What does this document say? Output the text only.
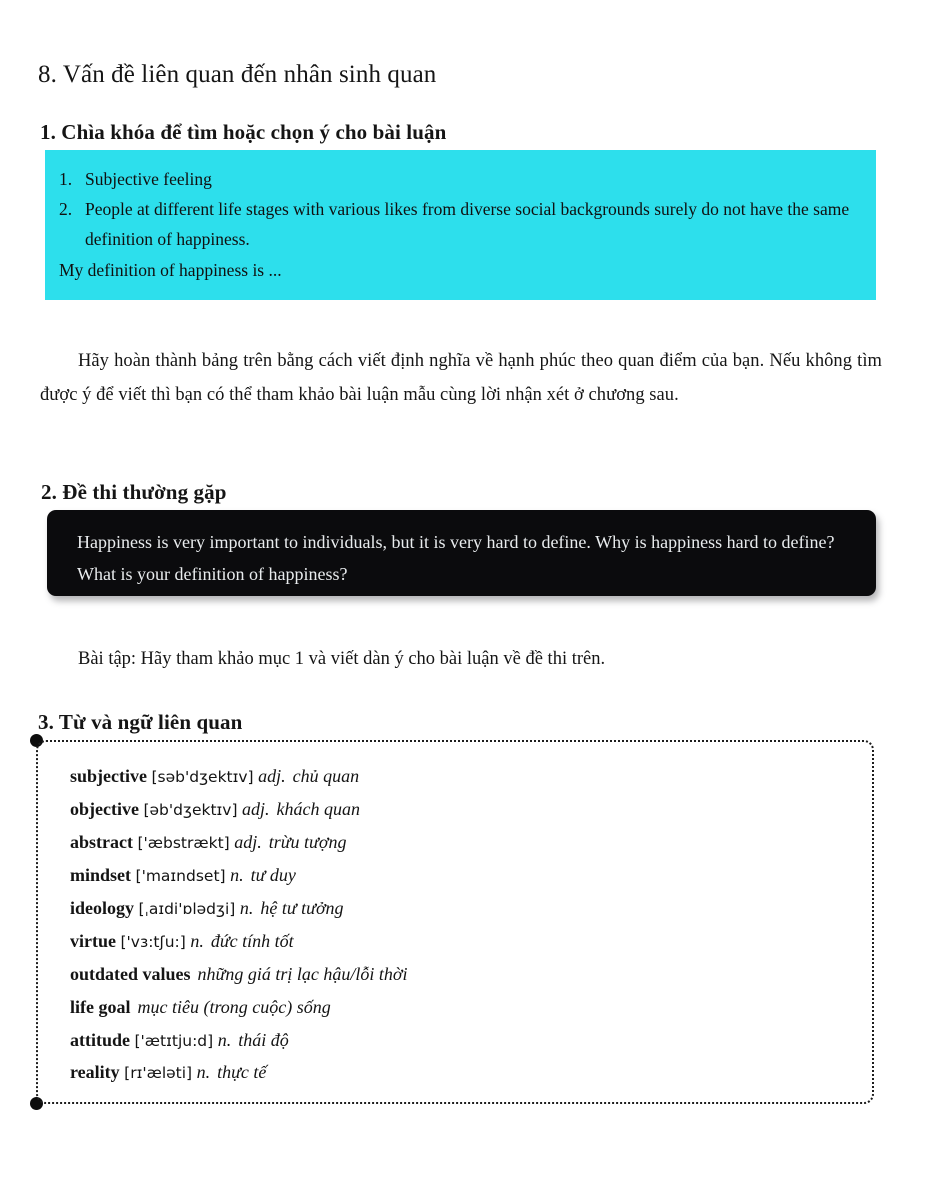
8. Vấn đề liên quan đến nhân sinh quan
1. Chìa khóa để tìm hoặc chọn ý cho bài luận
1. Subjective feeling
2. People at different life stages with various likes from diverse social backgrounds surely do not have the same definition of happiness.
My definition of happiness is ...

Hãy hoàn thành bảng trên bằng cách viết định nghĩa về hạnh phúc theo quan điểm của bạn. Nếu không tìm được ý để viết thì bạn có thể tham khảo bài luận mẫu cùng lời nhận xét ở chương sau.

2. Đề thi thường gặp
Happiness is very important to individuals, but it is very hard to define. Why is happiness hard to define? What is your definition of happiness?

Bài tập: Hãy tham khảo mục 1 và viết dàn ý cho bài luận về đề thi trên.

3. Từ và ngữ liên quan
subjective [səb'dʒektɪv] adj. chủ quan
objective [əb'dʒektɪv] adj. khách quan
abstract ['æbstrækt] adj. trừu tượng
mindset ['maɪndset] n. tư duy
ideology [ˌaɪdi'ɒlədʒi] n. hệ tư tưởng
virtue ['vɜ:tʃu:] n. đức tính tốt
outdated values những giá trị lạc hậu/lỗi thời
life goal mục tiêu (trong cuộc) sống
attitude ['ætɪtju:d] n. thái độ
reality [rɪ'æləti] n. thực tế
